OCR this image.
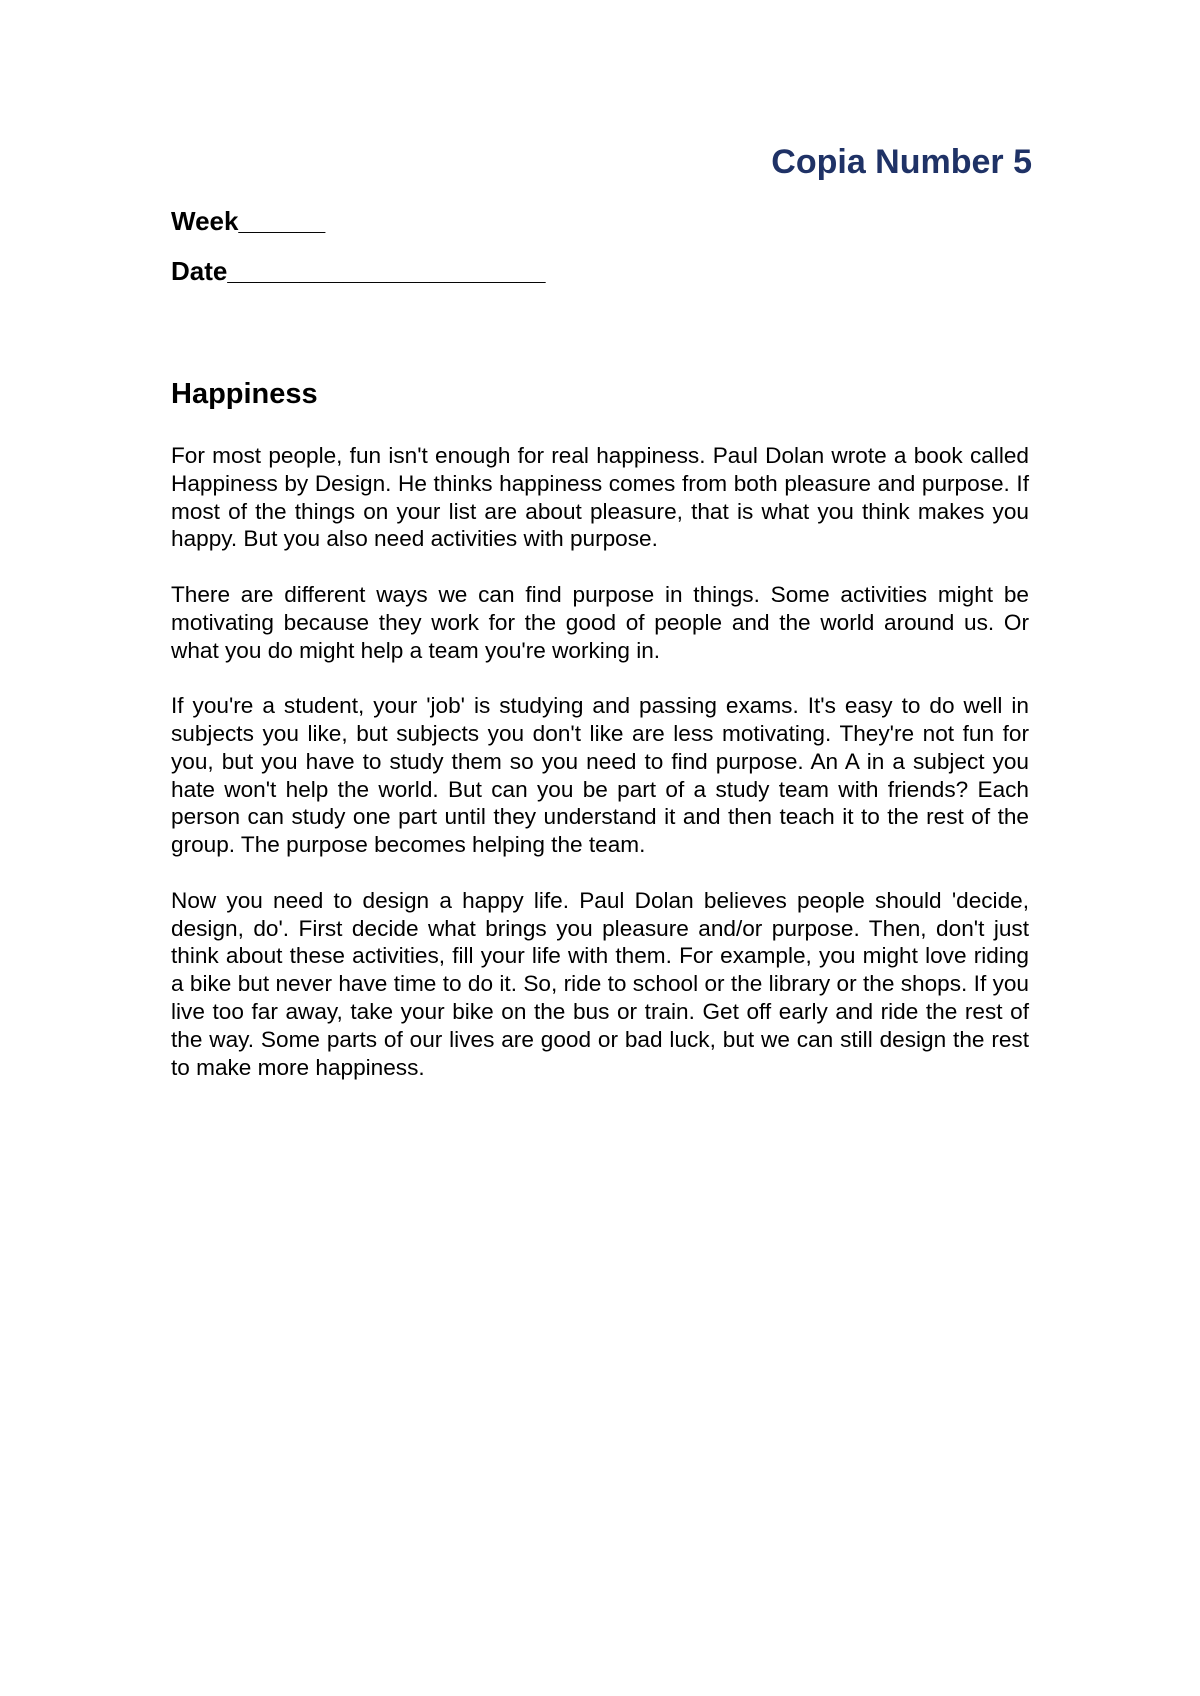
Copia Number 5
Week______
Date______________________
Happiness

For most people, fun isn't enough for real happiness. Paul Dolan wrote a book called Happiness by Design. He thinks happiness comes from both pleasure and purpose. If most of the things on your list are about pleasure, that is what you think makes you happy. But you also need activities with purpose.

There are different ways we can find purpose in things. Some activities might be motivating because they work for the good of people and the world around us. Or what you do might help a team you're working in.

If you're a student, your 'job' is studying and passing exams. It's easy to do well in subjects you like, but subjects you don't like are less motivating. They're not fun for you, but you have to study them so you need to find purpose. An A in a subject you hate won't help the world. But can you be part of a study team with friends? Each person can study one part until they understand it and then teach it to the rest of the group. The purpose becomes helping the team.

Now you need to design a happy life. Paul Dolan believes people should 'decide, design, do'. First decide what brings you pleasure and/or purpose. Then, don't just think about these activities, fill your life with them. For example, you might love riding a bike but never have time to do it. So, ride to school or the library or the shops. If you live too far away, take your bike on the bus or train. Get off early and ride the rest of the way. Some parts of our lives are good or bad luck, but we can still design the rest to make more happiness.
